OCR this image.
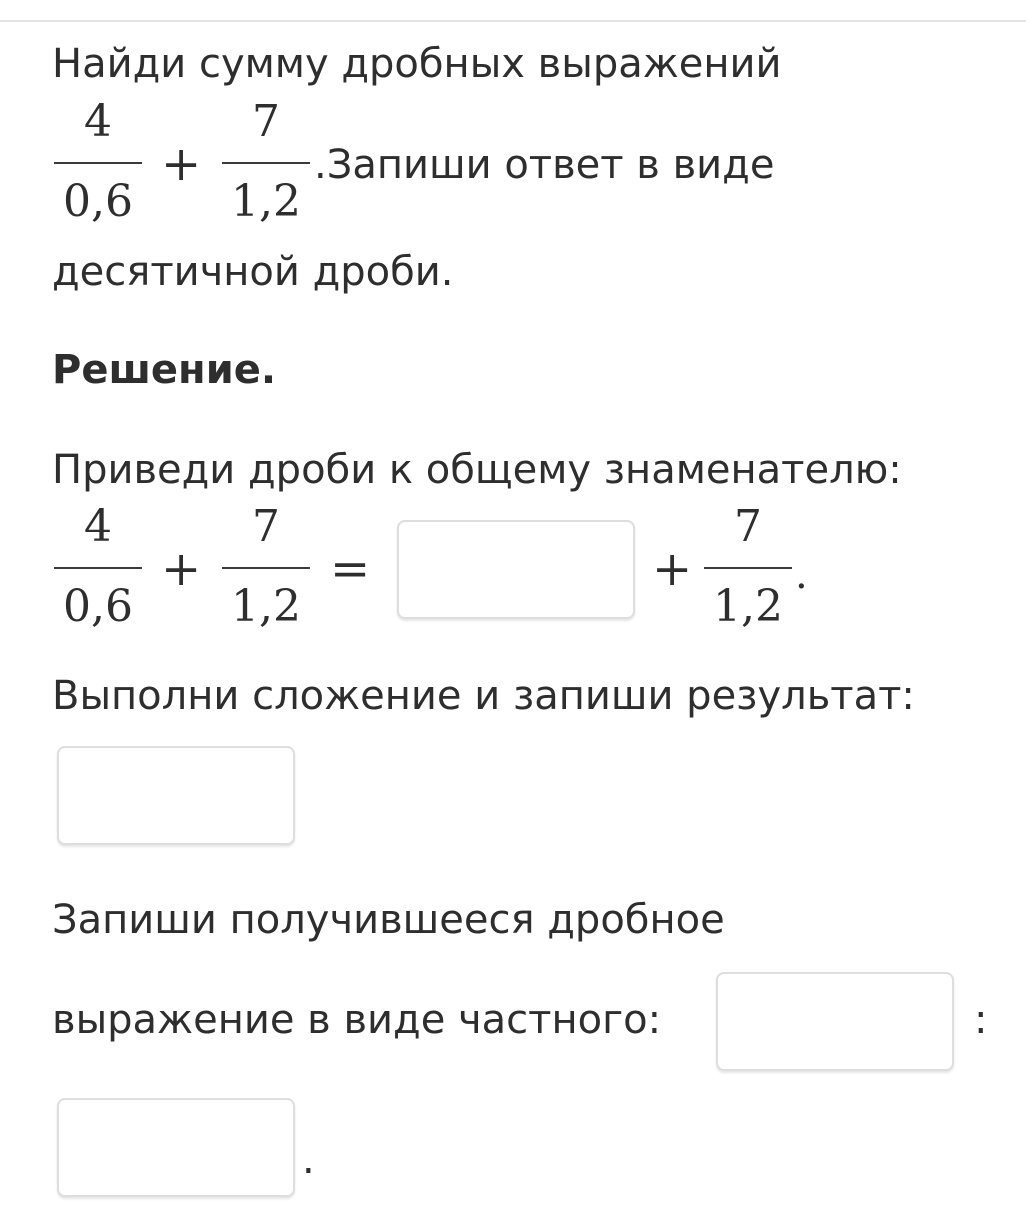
Найди сумму дробных выражений
4
0,6
+
7
1,2
.Запиши ответ в виде
десятичной дроби.
Решение.
Приведи дроби к общему знаменателю:
4
0,6
+
7
1,2
=	+
7
1,2
.
Выполни сложение и запиши результат:
Запиши получившееся дробное
выражение в виде частного:	:
.
